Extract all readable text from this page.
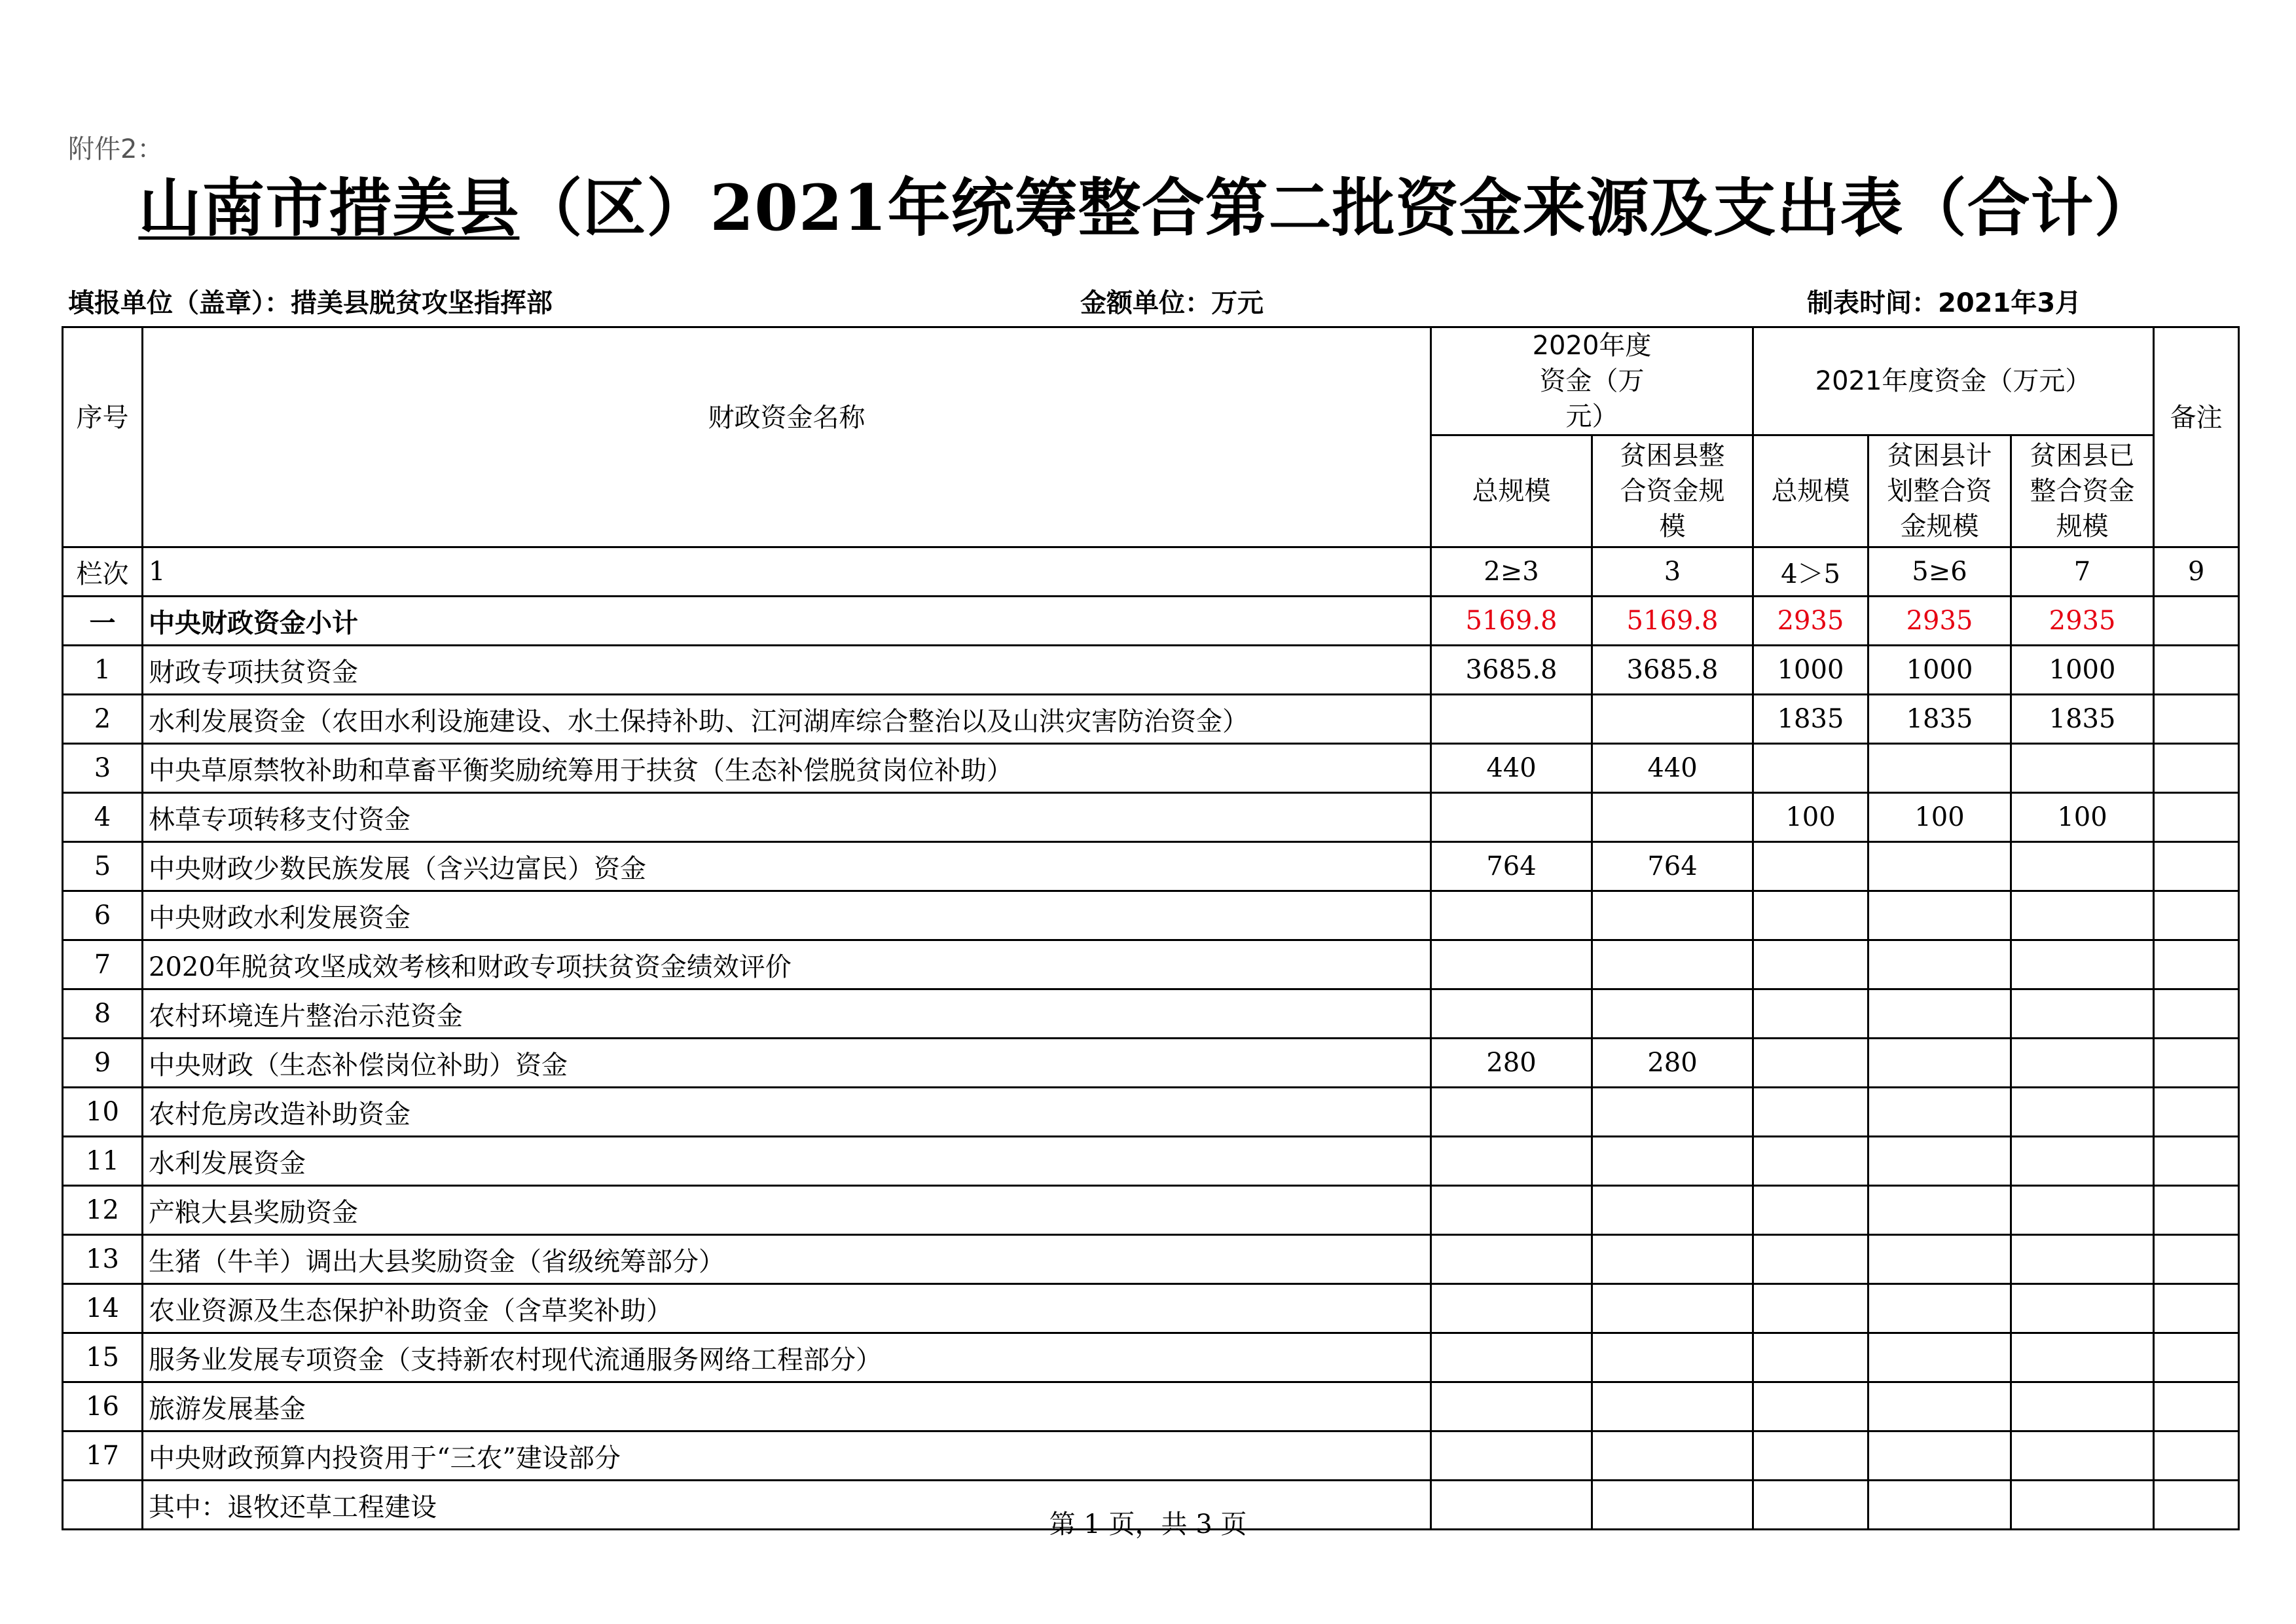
附件2：
山南市措美县（区）2021年统筹整合第二批资金来源及支出表（合计）
填报单位（盖章）：措美县脱贫攻坚指挥部	金额单位：万元	制表时间：2021年3月
序号	财政资金名称	2020年度资金（万元）		2021年度资金（万元）			备注
		总规模	贫困县整合资金规模	总规模	贫困县计划整合资金规模	贫困县已整合资金规模	
栏次	1	2≥3	3	4＞5	5≥6	7	9
一	中央财政资金小计	5169.8	5169.8	2935	2935	2935	
1	财政专项扶贫资金	3685.8	3685.8	1000	1000	1000	
2	水利发展资金（农田水利设施建设、水土保持补助、江河湖库综合整治以及山洪灾害防治资金）			1835	1835	1835	
3	中央草原禁牧补助和草畜平衡奖励统筹用于扶贫（生态补偿脱贫岗位补助）	440	440				
4	林草专项转移支付资金			100	100	100	
5	中央财政少数民族发展（含兴边富民）资金	764	764				
6	中央财政水利发展资金						
7	2020年脱贫攻坚成效考核和财政专项扶贫资金绩效评价						
8	农村环境连片整治示范资金						
9	中央财政（生态补偿岗位补助）资金	280	280				
10	农村危房改造补助资金						
11	水利发展资金						
12	产粮大县奖励资金						
13	生猪（牛羊）调出大县奖励资金（省级统筹部分）						
14	农业资源及生态保护补助资金（含草奖补助）						
15	服务业发展专项资金（支持新农村现代流通服务网络工程部分）						
16	旅游发展基金						
17	中央财政预算内投资用于“三农”建设部分						
	其中：退牧还草工程建设						
第 1 页，共 3 页
